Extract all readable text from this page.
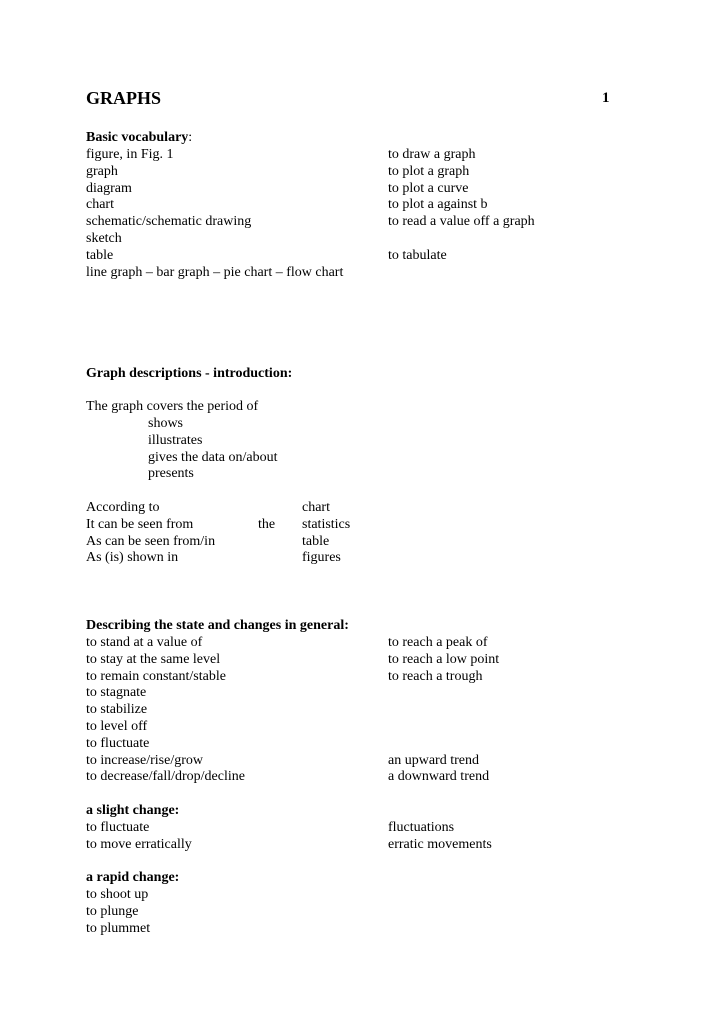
GRAPHS	1
Basic vocabulary:
figure, in Fig. 1
graph
diagram
chart
schematic/schematic drawing
sketch
table
line graph – bar graph – pie chart – flow chart
to draw a graph
to plot a graph
to plot a curve
to plot a against b
to read a value off a graph
to tabulate
Graph descriptions - introduction:
The graph covers the period of
shows
illustrates
gives the data on/about
presents
According to
It can be seen from
As can be seen from/in
As (is) shown in
the
chart
statistics
table
figures
Describing the state and changes in general:
to stand at a value of
to stay at the same level
to remain constant/stable
to stagnate
to stabilize
to level off
to fluctuate
to increase/rise/grow
to decrease/fall/drop/decline
to reach a peak of
to reach a low point
to reach a trough
an upward trend
a downward trend
a slight change:
to fluctuate
to move erratically
fluctuations
erratic movements
a rapid change:
to shoot up
to plunge
to plummet
